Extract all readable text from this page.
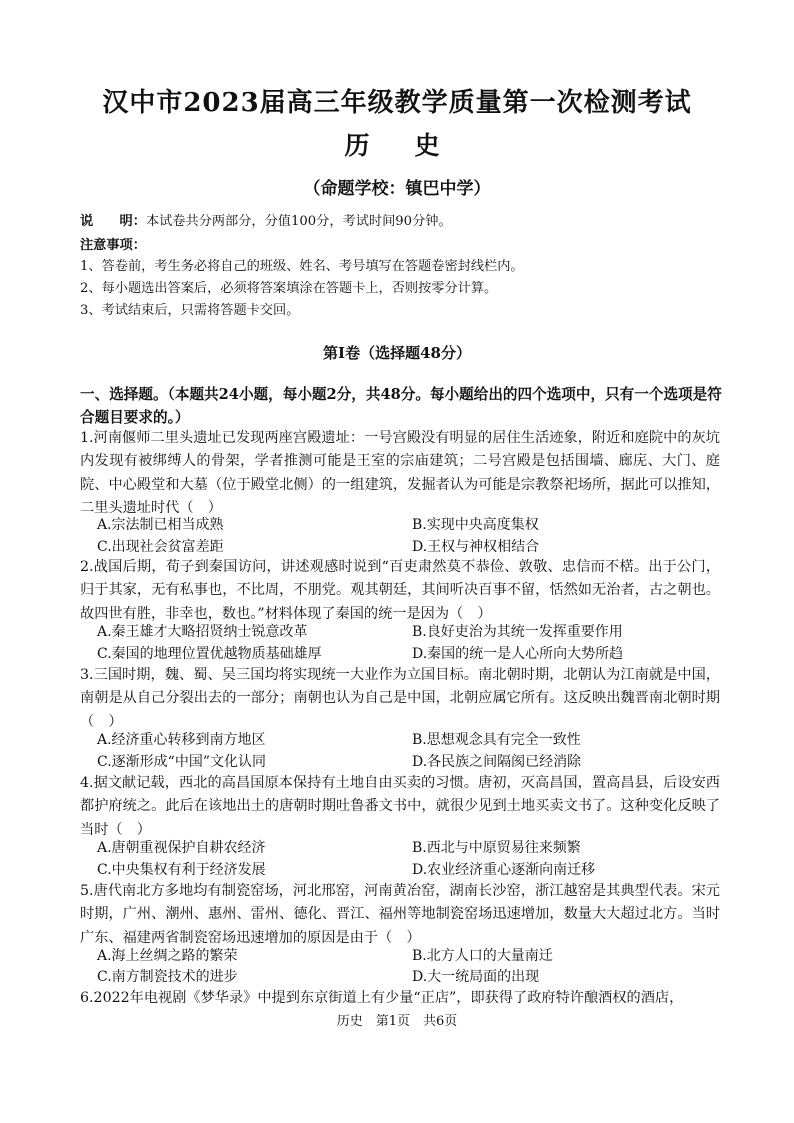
汉中市2023届高三年级教学质量第一次检测考试
历　史
（命题学校：镇巴中学）
说　　明：本试卷共分两部分，分值100分，考试时间90分钟。
注意事项：
1、答卷前，考生务必将自己的班级、姓名、考号填写在答题卷密封线栏内。
2、每小题选出答案后，必须将答案填涂在答题卡上，否则按零分计算。
3、考试结束后，只需将答题卡交回。
第Ⅰ卷（选择题48分）
一、选择题。（本题共24小题，每小题2分，共48分。每小题给出的四个选项中，只有一个选项是符合题目要求的。）
1.河南偃师二里头遗址已发现两座宫殿遗址：一号宫殿没有明显的居住生活迹象，附近和庭院中的灰坑内发现有被绑缚人的骨架，学者推测可能是王室的宗庙建筑；二号宫殿是包括围墙、廊庑、大门、庭院、中心殿堂和大墓（位于殿堂北侧）的一组建筑，发掘者认为可能是宗教祭祀场所，据此可以推知，二里头遗址时代（　）
A.宗法制已相当成熟	B.实现中央高度集权
C.出现社会贫富差距	D.王权与神权相结合
2.战国后期，荀子到秦国访问，讲述观感时说到“百吏肃然莫不恭俭、敦敬、忠信而不楛。出于公门，归于其家，无有私事也，不比周，不朋党。观其朝廷，其间听决百事不留，恬然如无治者，古之朝也。故四世有胜，非幸也，数也。”材料体现了秦国的统一是因为（　）
A.秦王雄才大略招贤纳士锐意改革	B.良好吏治为其统一发挥重要作用
C.秦国的地理位置优越物质基础雄厚	D.秦国的统一是人心所向大势所趋
3.三国时期，魏、蜀、吴三国均将实现统一大业作为立国目标。南北朝时期，北朝认为江南就是中国，南朝是从自己分裂出去的一部分；南朝也认为自己是中国，北朝应属它所有。这反映出魏晋南北朝时期（　）
A.经济重心转移到南方地区	B.思想观念具有完全一致性
C.逐渐形成“中国”文化认同	D.各民族之间隔阂已经消除
4.据文献记载，西北的高昌国原本保持有土地自由买卖的习惯。唐初，灭高昌国，置高昌县，后设安西都护府统之。此后在该地出土的唐朝时期吐鲁番文书中，就很少见到土地买卖文书了。这种变化反映了当时（　）
A.唐朝重视保护自耕农经济	B.西北与中原贸易往来频繁
C.中央集权有利于经济发展	D.农业经济重心逐渐向南迁移
5.唐代南北方多地均有制瓷窑场，河北邢窑，河南黄冶窑，湖南长沙窑，浙江越窑是其典型代表。宋元时期，广州、潮州、惠州、雷州、德化、晋江、福州等地制瓷窑场迅速增加，数量大大超过北方。当时广东、福建两省制瓷窑场迅速增加的原因是由于（　）
A.海上丝绸之路的繁荣	B.北方人口的大量南迁
C.南方制瓷技术的进步	D.大一统局面的出现
6.2022年电视剧《梦华录》中提到东京街道上有少量“正店”，即获得了政府特许酿酒权的酒店，
历史　第1页　共6页
